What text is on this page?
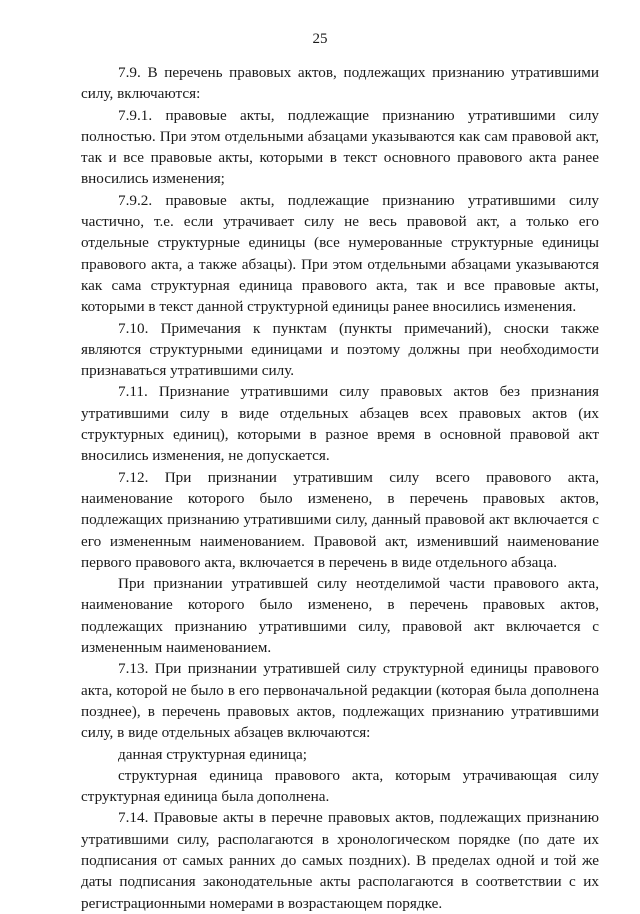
25

7.9. В перечень правовых актов, подлежащих признанию утратившими силу, включаются:

7.9.1. правовые акты, подлежащие признанию утратившими силу полностью. При этом отдельными абзацами указываются как сам правовой акт, так и все правовые акты, которыми в текст основного правового акта ранее вносились изменения;

7.9.2. правовые акты, подлежащие признанию утратившими силу частично, т.е. если утрачивает силу не весь правовой акт, а только его отдельные структурные единицы (все нумерованные структурные единицы правового акта, а также абзацы). При этом отдельными абзацами указываются как сама структурная единица правового акта, так и все правовые акты, которыми в текст данной структурной единицы ранее вносились изменения.

7.10. Примечания к пунктам (пункты примечаний), сноски также являются структурными единицами и поэтому должны при необходимости признаваться утратившими силу.

7.11. Признание утратившими силу правовых актов без признания утратившими силу в виде отдельных абзацев всех правовых актов (их структурных единиц), которыми в разное время в основной правовой акт вносились изменения, не допускается.

7.12. При признании утратившим силу всего правового акта, наименование которого было изменено, в перечень правовых актов, подлежащих признанию утратившими силу, данный правовой акт включается с его измененным наименованием. Правовой акт, изменивший наименование первого правового акта, включается в перечень в виде отдельного абзаца.

При признании утратившей силу неотделимой части правового акта, наименование которого было изменено, в перечень правовых актов, подлежащих признанию утратившими силу, правовой акт включается с измененным наименованием.

7.13. При признании утратившей силу структурной единицы правового акта, которой не было в его первоначальной редакции (которая была дополнена позднее), в перечень правовых актов, подлежащих признанию утратившими силу, в виде отдельных абзацев включаются:

данная структурная единица;

структурная единица правового акта, которым утрачивающая силу структурная единица была дополнена.

7.14. Правовые акты в перечне правовых актов, подлежащих признанию утратившими силу, располагаются в хронологическом порядке (по дате их подписания от самых ранних до самых поздних). В пределах одной и той же даты подписания законодательные акты располагаются в соответствии с их регистрационными номерами в возрастающем порядке.
